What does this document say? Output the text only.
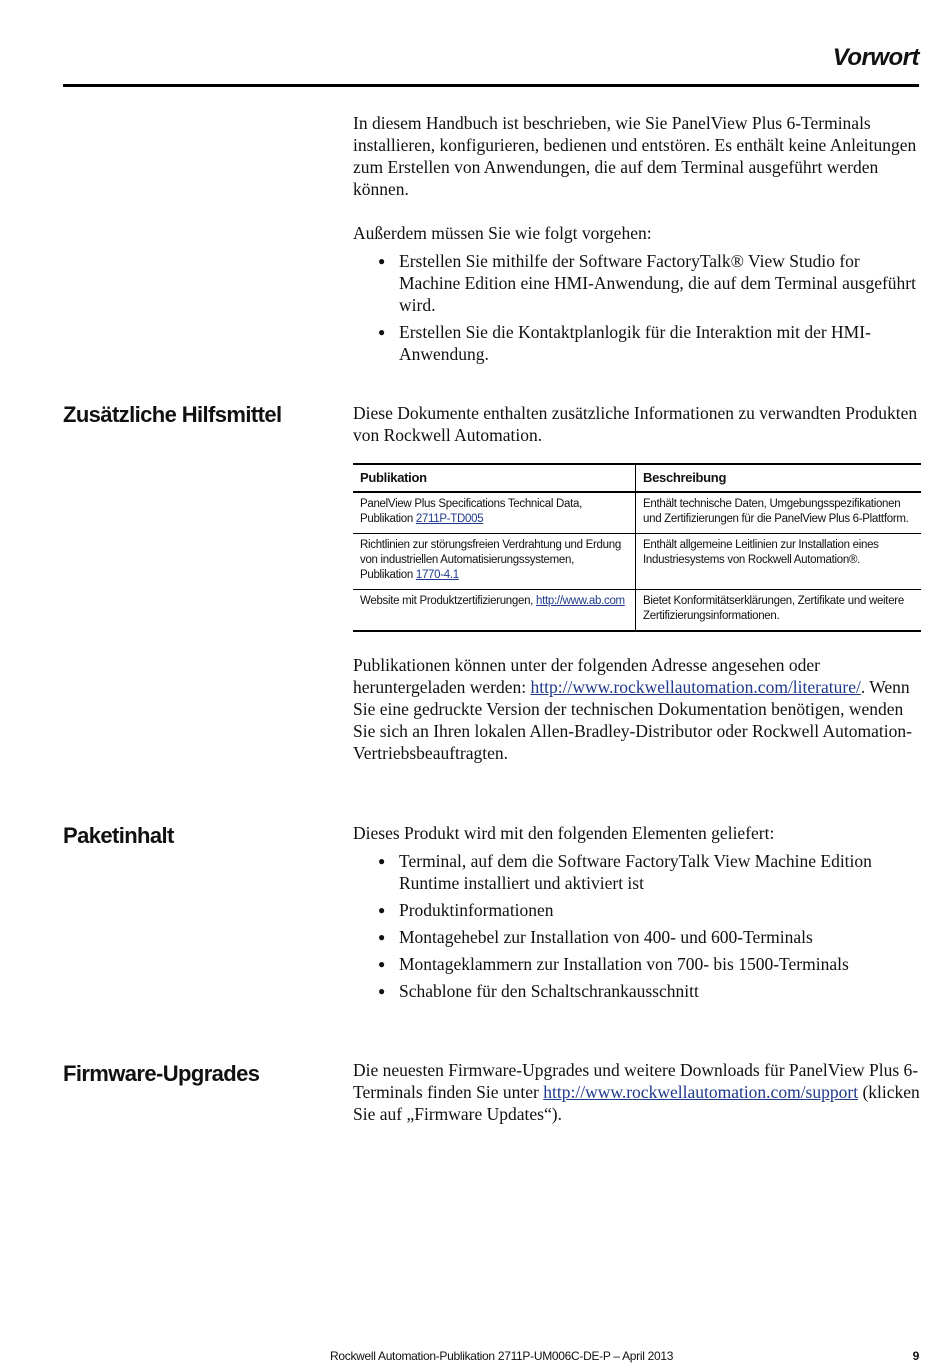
Vorwort

In diesem Handbuch ist beschrieben, wie Sie PanelView Plus 6-Terminals installieren, konfigurieren, bedienen und entstören. Es enthält keine Anleitungen zum Erstellen von Anwendungen, die auf dem Terminal ausgeführt werden können.

Außerdem müssen Sie wie folgt vorgehen:

● Erstellen Sie mithilfe der Software FactoryTalk® View Studio for Machine Edition eine HMI-Anwendung, die auf dem Terminal ausgeführt wird.
● Erstellen Sie die Kontaktplanlogik für die Interaktion mit der HMI-Anwendung.
Zusätzliche Hilfsmittel	Diese Dokumente enthalten zusätzliche Informationen zu verwandten Produkten von Rockwell Automation.

Publikation	Beschreibung
PanelView Plus Specifications Technical Data, Publikation 2711P-TD005	Enthält technische Daten, Umgebungsspezifikationen und Zertifizierungen für die PanelView Plus 6-Plattform.
Richtlinien zur störungsfreien Verdrahtung und Erdung von industriellen Automatisierungssystemen, Publikation 1770-4.1	Enthält allgemeine Leitlinien zur Installation eines Industriesystems von Rockwell Automation®.
Website mit Produktzertifizierungen, http://www.ab.com	Bietet Konformitätserklärungen, Zertifikate und weitere Zertifizierungsinformationen.

Publikationen können unter der folgenden Adresse angesehen oder heruntergeladen werden: http://www.rockwellautomation.com/literature/. Wenn Sie eine gedruckte Version der technischen Dokumentation benötigen, wenden Sie sich an Ihren lokalen Allen-Bradley-Distributor oder Rockwell Automation-Vertriebsbeauftragten.

Paketinhalt	Dieses Produkt wird mit den folgenden Elementen geliefert:

● Terminal, auf dem die Software FactoryTalk View Machine Edition Runtime installiert und aktiviert ist
● Produktinformationen
● Montagehebel zur Installation von 400- und 600-Terminals
● Montageklammern zur Installation von 700- bis 1500-Terminals
● Schablone für den Schaltschrankausschnitt
Firmware-Upgrades	Die neuesten Firmware-Upgrades und weitere Downloads für PanelView Plus 6-Terminals finden Sie unter http://www.rockwellautomation.com/support (klicken Sie auf „Firmware Updates“).

Rockwell Automation-Publikation 2711P-UM006C-DE-P – April 2013	9
